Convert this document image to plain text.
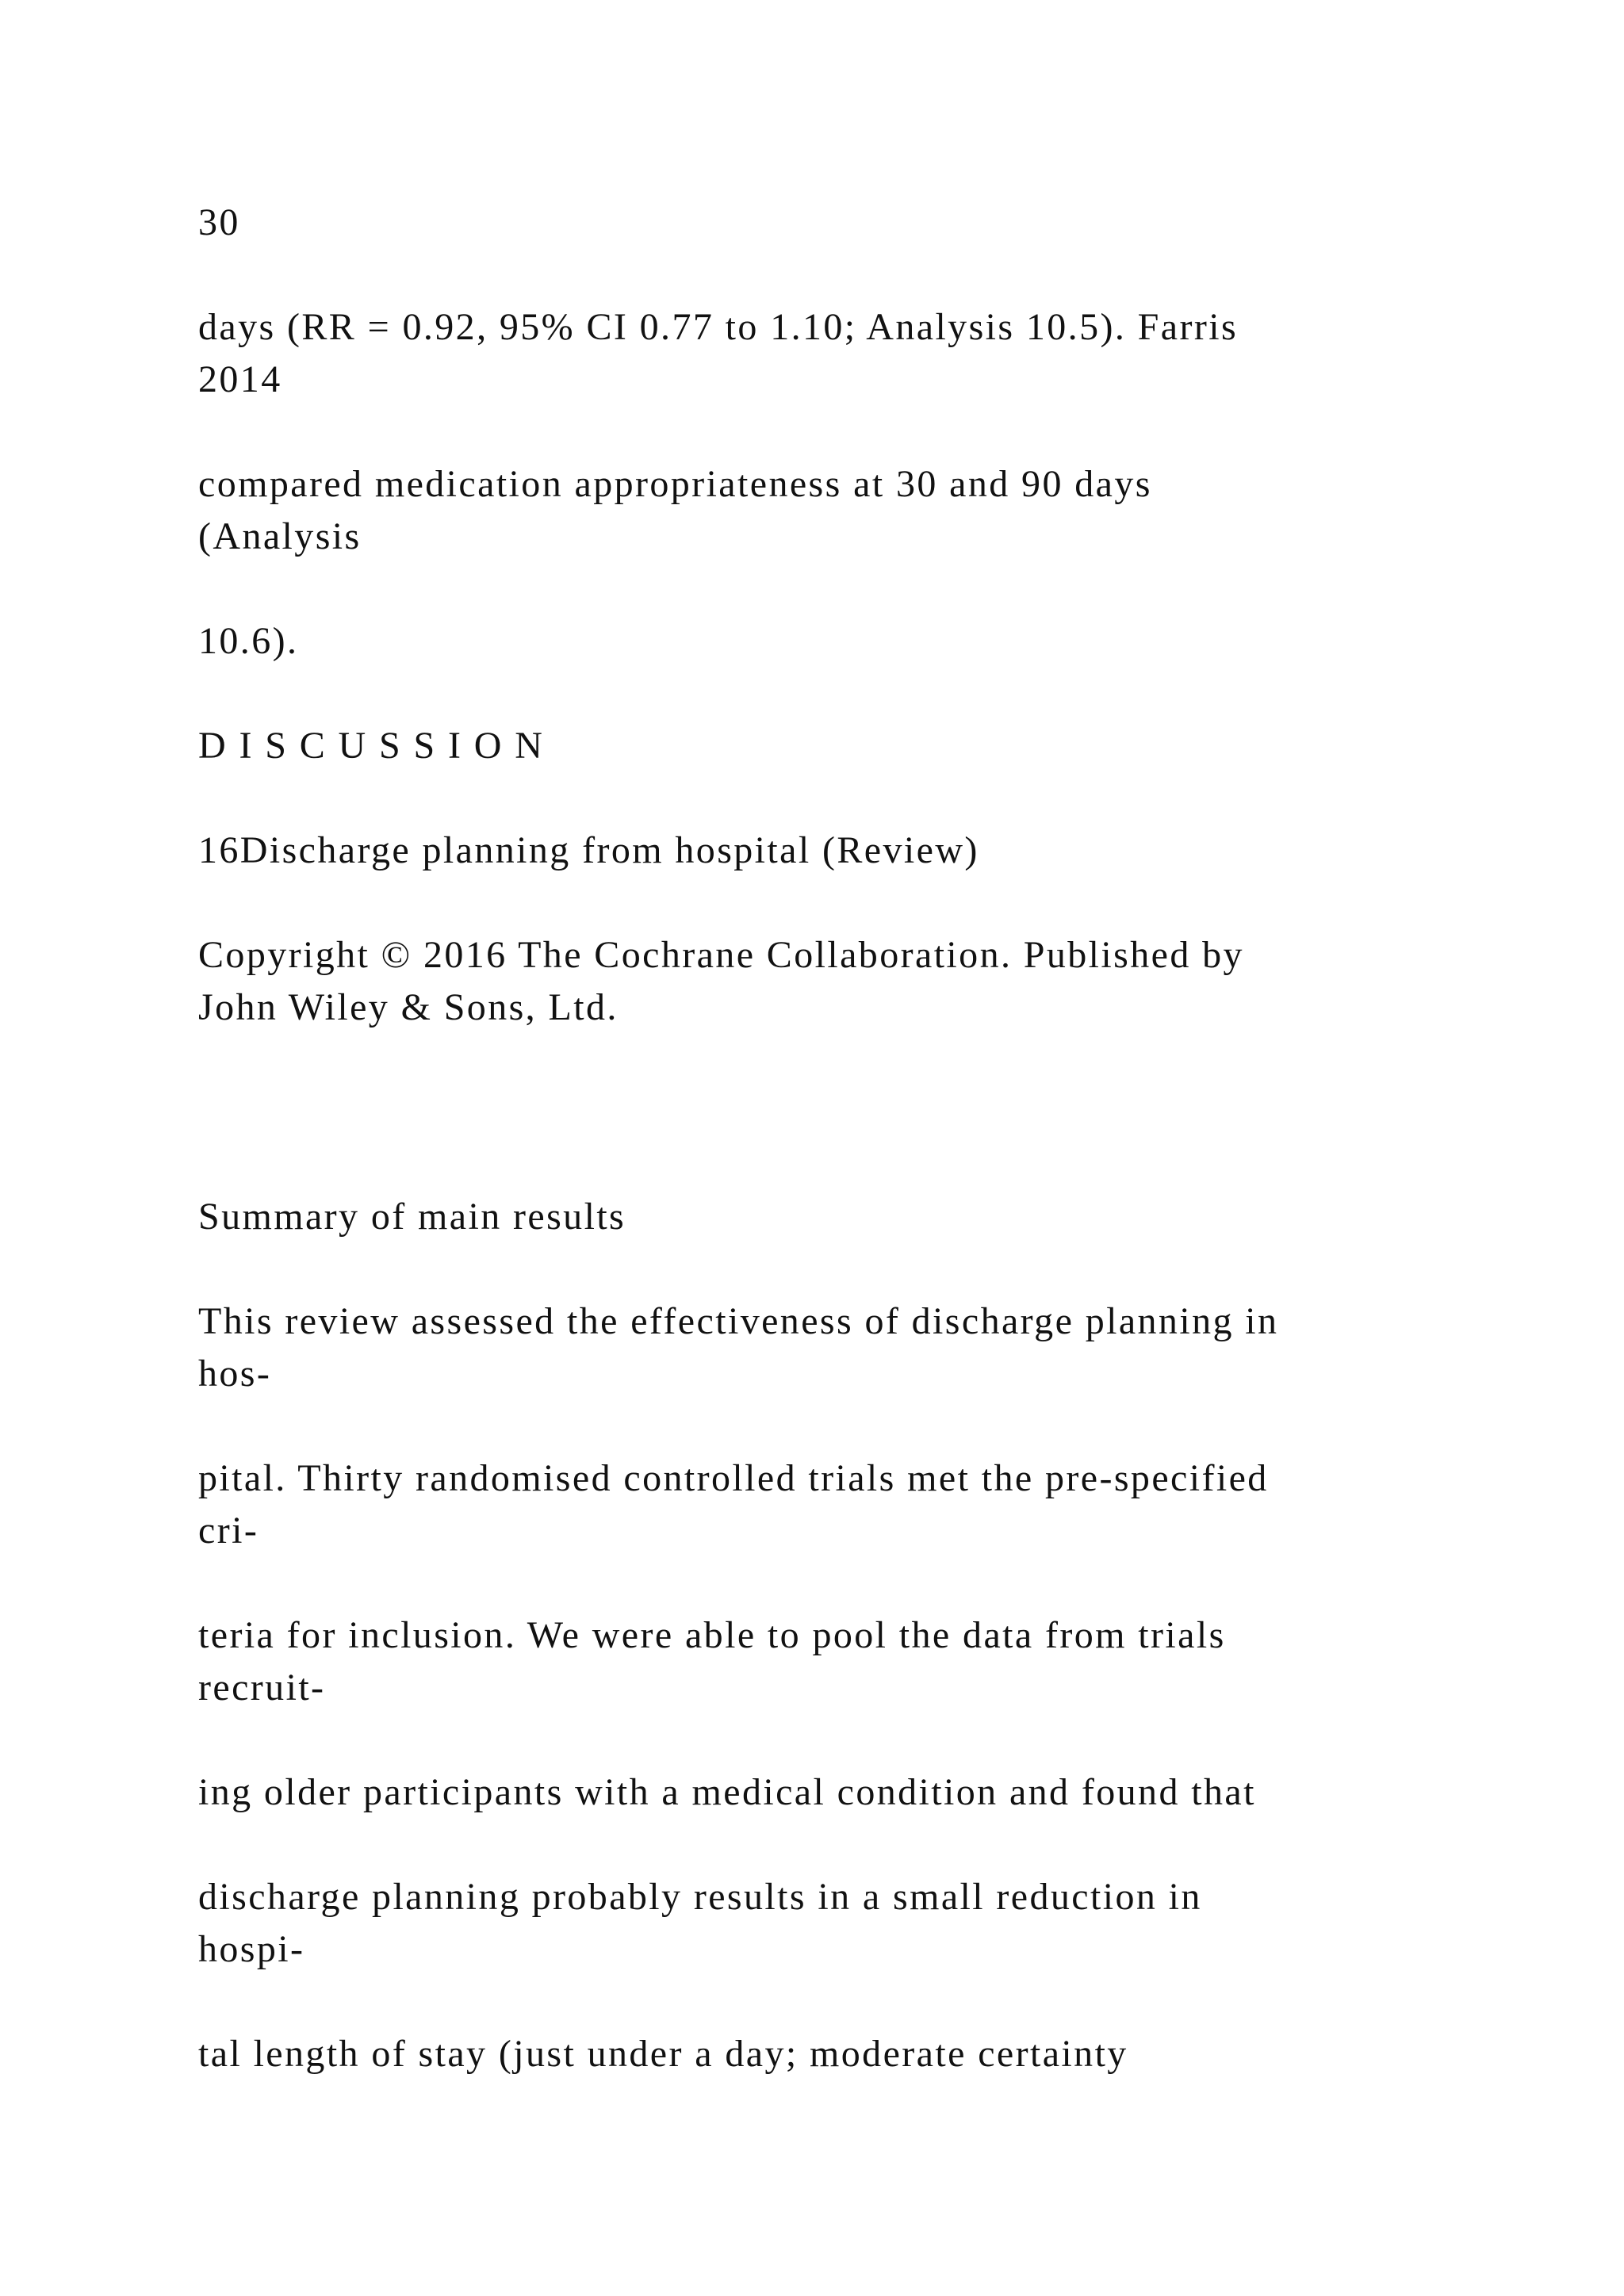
30

days (RR = 0.92, 95% CI 0.77 to 1.10; Analysis 10.5). Farris

2014

compared medication appropriateness at 30 and 90 days

(Analysis

10.6).

D I S C U S S I O N

16Discharge planning from hospital (Review)

Copyright © 2016 The Cochrane Collaboration. Published by

John Wiley & Sons, Ltd.

Summary of main results

This review assessed the effectiveness of discharge planning in

hos-

pital. Thirty randomised controlled trials met the pre-specified

cri-

teria for inclusion. We were able to pool the data from trials

recruit-

ing older participants with a medical condition and found that

discharge planning probably results in a small reduction in

hospi-

tal length of stay (just under a day; moderate certainty
